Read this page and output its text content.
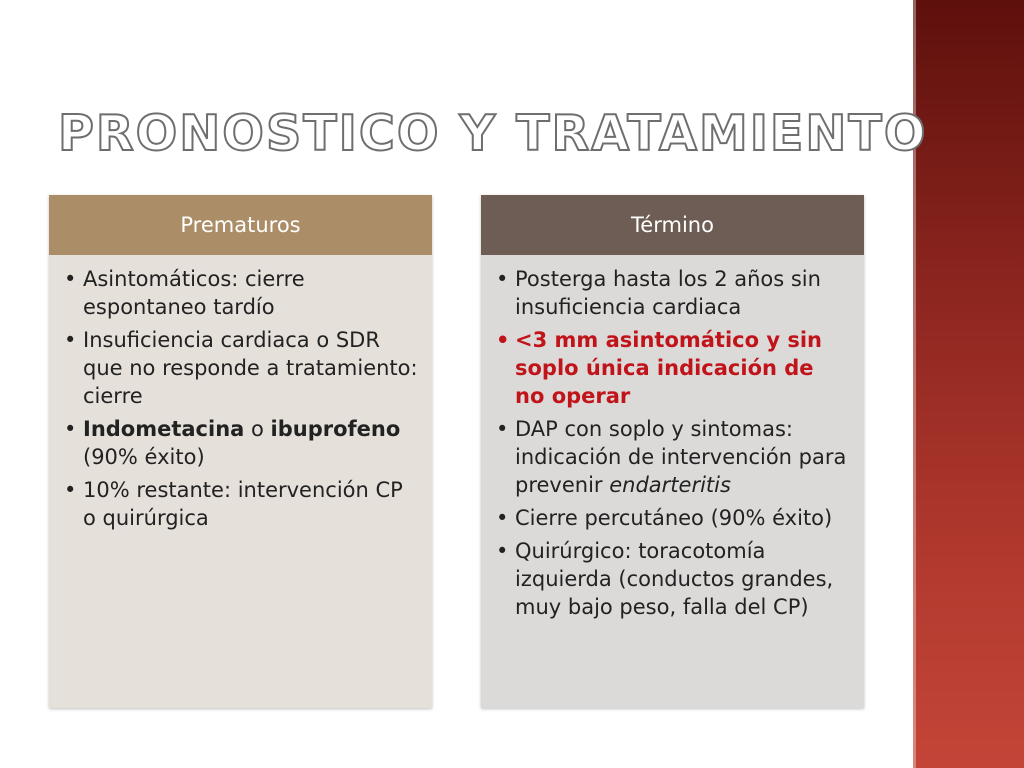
PRONOSTICO Y TRATAMIENTO
Prematuros
• Asintomáticos: cierre espontaneo tardío
• Insuficiencia cardiaca o SDR que no responde a tratamiento: cierre
• Indometacina o ibuprofeno (90% éxito)
• 10% restante: intervención CP o quirúrgica
Término
• Posterga hasta los 2 años sin insuficiencia cardiaca
• <3 mm asintomático y sin soplo única indicación de no operar
• DAP con soplo y sintomas: indicación de intervención para prevenir endarteritis
• Cierre percutáneo (90% éxito)
• Quirúrgico: toracotomía izquierda (conductos grandes, muy bajo peso, falla del CP)
